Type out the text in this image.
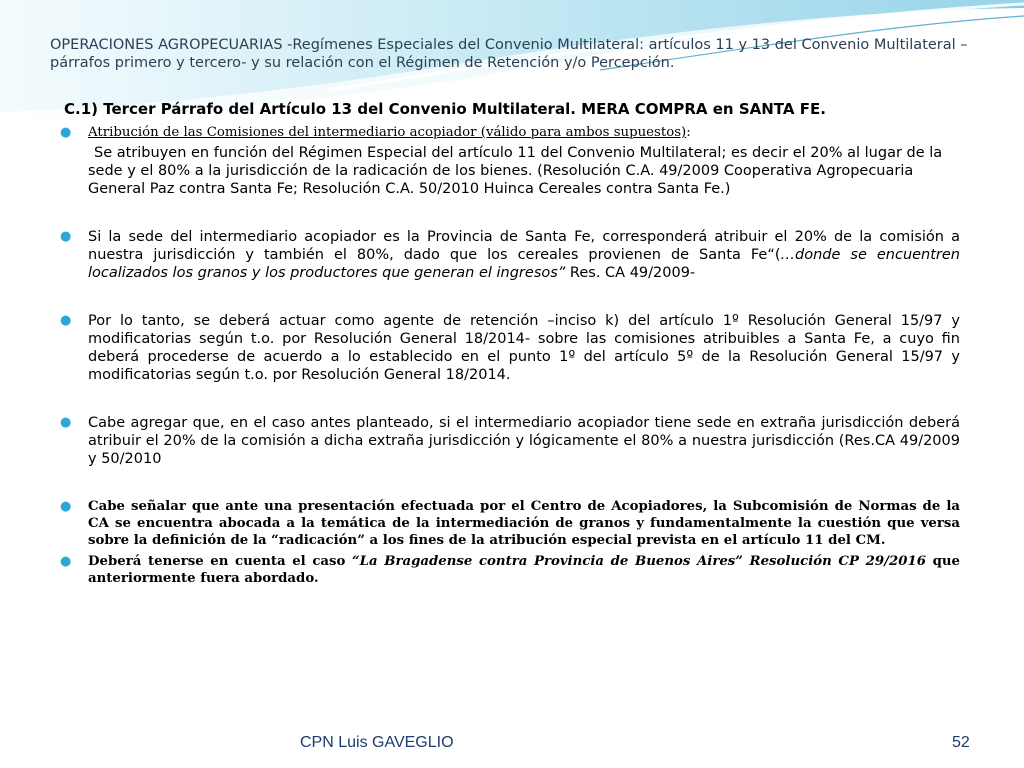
OPERACIONES AGROPECUARIAS -Regímenes Especiales del Convenio Multilateral: artículos 11 y 13 del Convenio Multilateral –párrafos primero y tercero- y su relación con el Régimen de Retención y/o Percepción.
C.1) Tercer Párrafo del Artículo 13 del Convenio Multilateral. MERA COMPRA en SANTA FE.
● Atribución de las Comisiones del intermediario acopiador (válido para ambos supuestos):
Se atribuyen en función del Régimen Especial del artículo 11 del Convenio Multilateral; es decir el 20% al lugar de la sede y el 80% a la jurisdicción de la radicación de los bienes. (Resolución C.A. 49/2009 Cooperativa Agropecuaria General Paz contra Santa Fe; Resolución C.A. 50/2010 Huinca Cereales contra Santa Fe.)
● Si la sede del intermediario acopiador es la Provincia de Santa Fe, corresponderá atribuir el 20% de la comisión a nuestra jurisdicción y también el 80%, dado que los cereales provienen de Santa Fe“(…donde se encuentren localizados los granos y los productores que generan el ingresos” Res. CA 49/2009-
● Por lo tanto, se deberá actuar como agente de retención –inciso k) del artículo 1º Resolución General 15/97 y modificatorias según t.o. por Resolución General 18/2014- sobre las comisiones atribuibles a Santa Fe, a cuyo fin deberá procederse de acuerdo a lo establecido en el punto 1º del artículo 5º de la Resolución General 15/97 y modificatorias según t.o. por Resolución General 18/2014.
● Cabe agregar que, en el caso antes planteado, si el intermediario acopiador tiene sede en extraña jurisdicción deberá atribuir el 20% de la comisión a dicha extraña jurisdicción y lógicamente el 80% a nuestra jurisdicción (Res.CA 49/2009 y 50/2010
● Cabe señalar que ante una presentación efectuada por el Centro de Acopiadores, la Subcomisión de Normas de la CA se encuentra abocada a la temática de la intermediación de granos y fundamentalmente la cuestión que versa sobre la definición de la “radicación” a los fines de la atribución especial prevista en el artículo 11 del CM.
● Deberá tenerse en cuenta el caso “La Bragadense contra Provincia de Buenos Aires” Resolución CP 29/2016 que anteriormente fuera abordado.
CPN Luis GAVEGLIO	52
